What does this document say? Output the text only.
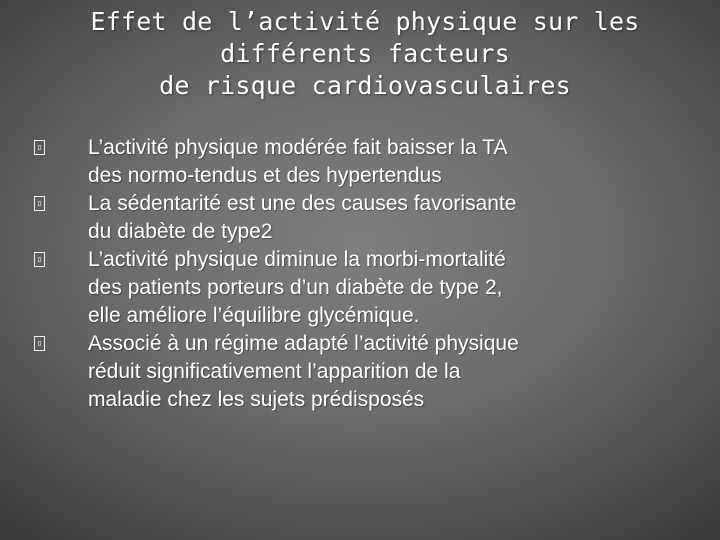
Effet de l’activité physique sur les
différents facteurs
de risque cardiovasculaires
L’activité physique modérée fait baisser la TA
des normo-tendus et des hypertendus
La sédentarité est une des causes favorisante
du diabète de type2
L’activité physique diminue la morbi-mortalité
des patients porteurs d’un diabète de type 2,
elle améliore l’équilibre glycémique.
Associé à un régime adapté l’activité physique
réduit significativement l’apparition de la
maladie chez les sujets prédisposés
